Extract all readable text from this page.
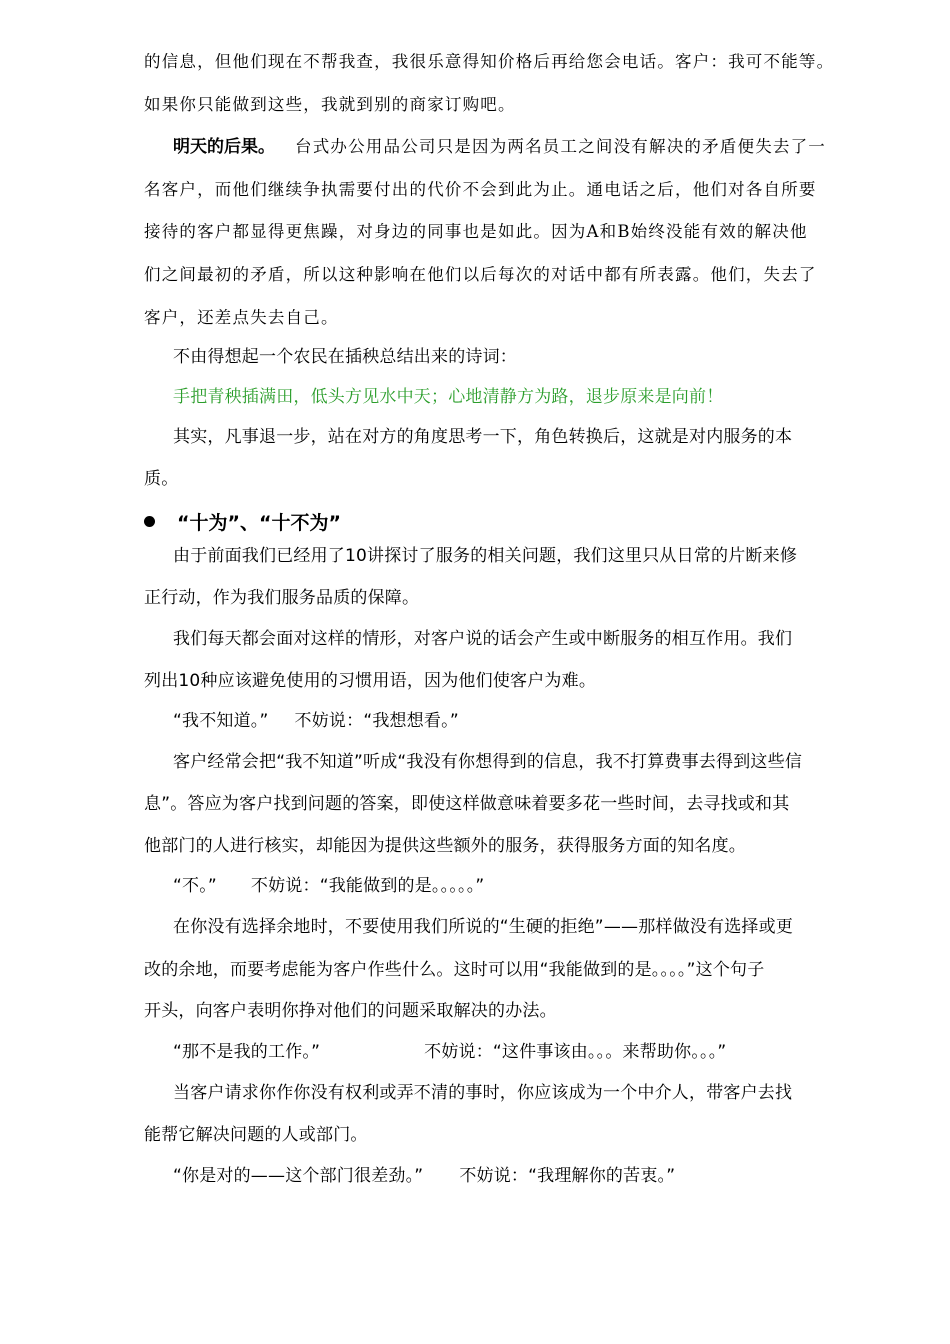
的信息，但他们现在不帮我查，我很乐意得知价格后再给您会电话。客户：我可不能等。
如果你只能做到这些，我就到别的商家订购吧。
明天的后果。 台式办公用品公司只是因为两名员工之间没有解决的矛盾便失去了一
名客户，而他们继续争执需要付出的代价不会到此为止。通电话之后，他们对各自所要
接待的客户都显得更焦躁，对身边的同事也是如此。因为A和B始终没能有效的解决他
们之间最初的矛盾，所以这种影响在他们以后每次的对话中都有所表露。他们，失去了
客户，还差点失去自己。
不由得想起一个农民在插秧总结出来的诗词：
手把青秧插满田，低头方见水中天；心地清静方为路，退步原来是向前！
其实，凡事退一步，站在对方的角度思考一下，角色转换后，这就是对内服务的本
质。
“十为”、“十不为”
由于前面我们已经用了10讲探讨了服务的相关问题，我们这里只从日常的片断来修
正行动，作为我们服务品质的保障。
我们每天都会面对这样的情形，对客户说的话会产生或中断服务的相互作用。我们
列出10种应该避免使用的习惯用语，因为他们使客户为难。
“我不知道。” 不妨说：“我想想看。”
客户经常会把“我不知道”听成“我没有你想得到的信息，我不打算费事去得到这些信
息”。答应为客户找到问题的答案，即使这样做意味着要多花一些时间，去寻找或和其
他部门的人进行核实，却能因为提供这些额外的服务，获得服务方面的知名度。
“不。” 不妨说：“我能做到的是。。。。。”
在你没有选择余地时，不要使用我们所说的“生硬的拒绝”——那样做没有选择或更
改的余地，而要考虑能为客户作些什么。这时可以用“我能做到的是。。。。”这个句子
开头，向客户表明你挣对他们的问题采取解决的办法。
“那不是我的工作。”	不妨说：“这件事该由。。。来帮助你。。。”
当客户请求你作你没有权利或弄不清的事时，你应该成为一个中介人，带客户去找
能帮它解决问题的人或部门。
“你是对的——这个部门很差劲。” 不妨说：“我理解你的苦衷。”
